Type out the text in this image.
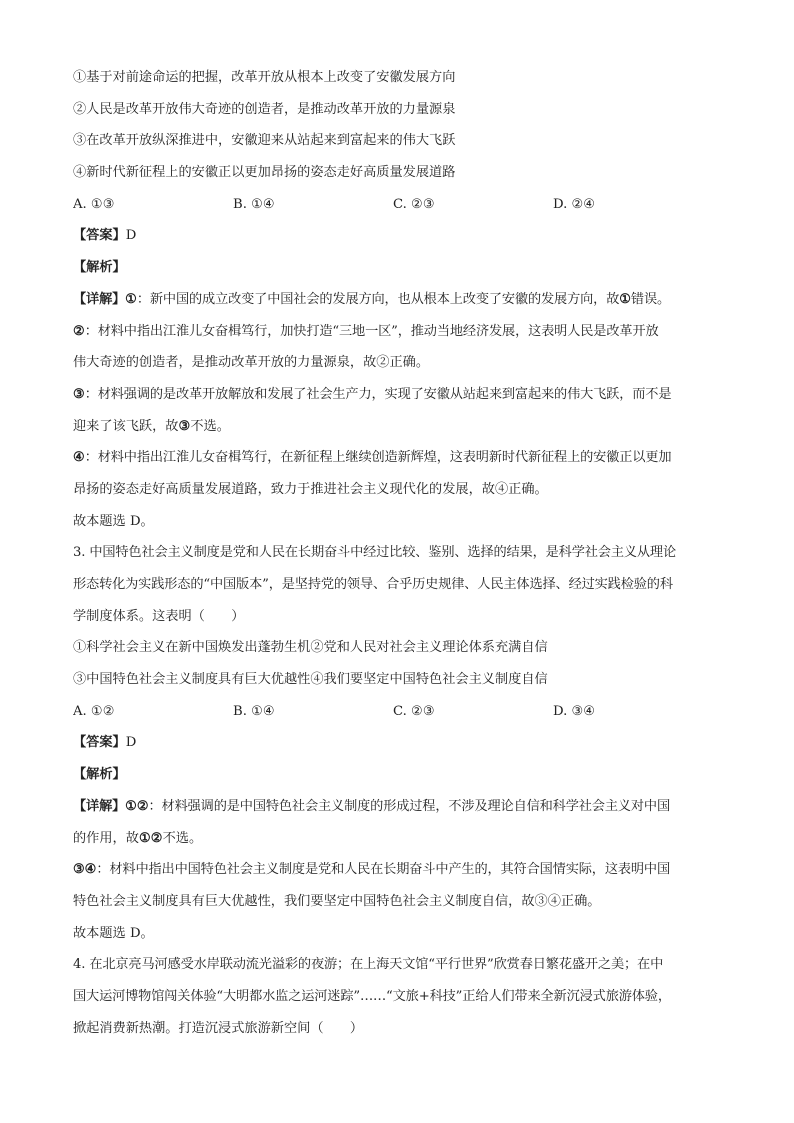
①基于对前途命运的把握，改革开放从根本上改变了安徽发展方向
②人民是改革开放伟大奇迹的创造者，是推动改革开放的力量源泉
③在改革开放纵深推进中，安徽迎来从站起来到富起来的伟大飞跃
④新时代新征程上的安徽正以更加昂扬的姿态走好高质量发展道路
A. ①③	B. ①④	C. ②③	D. ②④
【答案】D
【解析】
【详解】①：新中国的成立改变了中国社会的发展方向，也从根本上改变了安徽的发展方向，故①错误。
②：材料中指出江淮儿女奋楫笃行，加快打造“三地一区”，推动当地经济发展，这表明人民是改革开放
伟大奇迹的创造者，是推动改革开放的力量源泉，故②正确。
③：材料强调的是改革开放解放和发展了社会生产力，实现了安徽从站起来到富起来的伟大飞跃，而不是
迎来了该飞跃，故③不选。
④：材料中指出江淮儿女奋楫笃行，在新征程上继续创造新辉煌，这表明新时代新征程上的安徽正以更加
昂扬的姿态走好高质量发展道路，致力于推进社会主义现代化的发展，故④正确。
故本题选 D。
3. 中国特色社会主义制度是党和人民在长期奋斗中经过比较、鉴别、选择的结果，是科学社会主义从理论
形态转化为实践形态的“中国版本”，是坚持党的领导、合乎历史规律、人民主体选择、经过实践检验的科
学制度体系。这表明（　　）
①科学社会主义在新中国焕发出蓬勃生机②党和人民对社会主义理论体系充满自信
③中国特色社会主义制度具有巨大优越性④我们要坚定中国特色社会主义制度自信
A. ①②	B. ①④	C. ②③	D. ③④
【答案】D
【解析】
【详解】①②：材料强调的是中国特色社会主义制度的形成过程，不涉及理论自信和科学社会主义对中国
的作用，故①②不选。
③④：材料中指出中国特色社会主义制度是党和人民在长期奋斗中产生的，其符合国情实际，这表明中国
特色社会主义制度具有巨大优越性，我们要坚定中国特色社会主义制度自信，故③④正确。
故本题选 D。
4. 在北京亮马河感受水岸联动流光溢彩的夜游；在上海天文馆“平行世界”欣赏春日繁花盛开之美；在中
国大运河博物馆闯关体验“大明都水监之运河迷踪”……“文旅+科技”正给人们带来全新沉浸式旅游体验，
掀起消费新热潮。打造沉浸式旅游新空间（　　）
